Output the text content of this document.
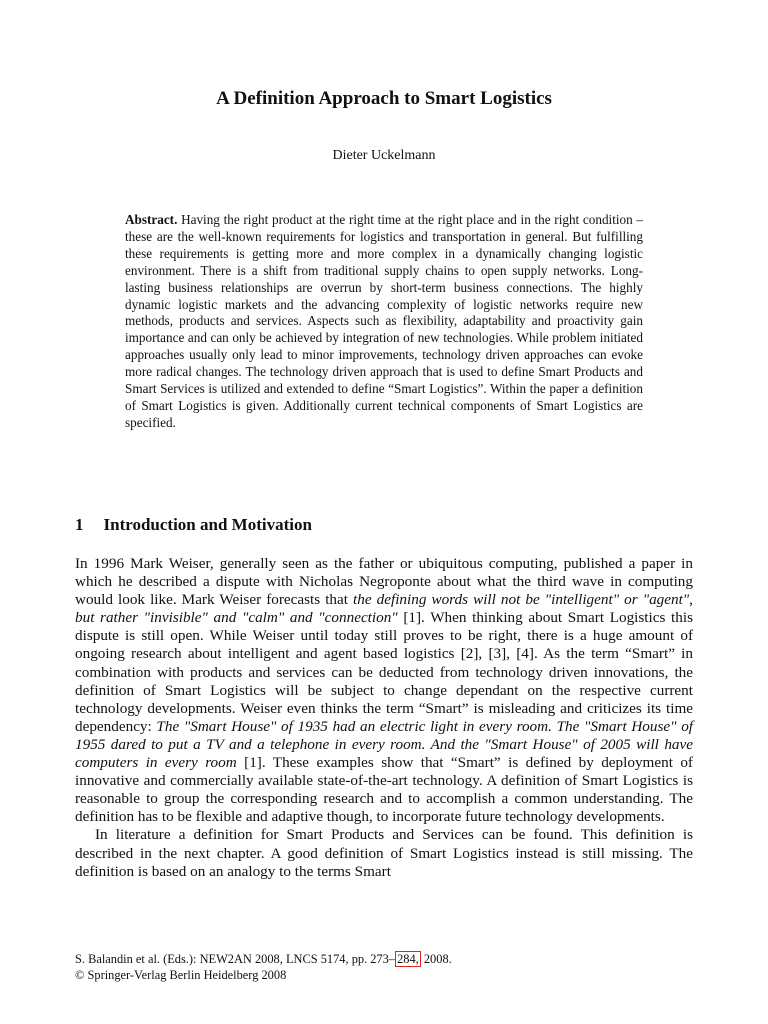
A Definition Approach to Smart Logistics
Dieter Uckelmann

Abstract. Having the right product at the right time at the right place and in the right condition – these are the well-known requirements for logistics and transportation in general. But fulfilling these requirements is getting more and more complex in a dynamically changing logistic environment. There is a shift from traditional supply chains to open supply networks. Long-lasting business relationships are overrun by short-term business connections. The highly dynamic logistic markets and the advancing complexity of logistic networks require new methods, products and services. Aspects such as flexibility, adaptability and proactivity gain importance and can only be achieved by integration of new technologies. While problem initiated approaches usually only lead to minor improvements, technology driven approaches can evoke more radical changes. The technology driven approach that is used to define Smart Products and Smart Services is utilized and extended to define “Smart Logistics”. Within the paper a definition of Smart Logistics is given. Additionally current technical components of Smart Logistics are specified.

1 Introduction and Motivation

In 1996 Mark Weiser, generally seen as the father or ubiquitous computing, published a paper in which he described a dispute with Nicholas Negroponte about what the third wave in computing would look like. Mark Weiser forecasts that the defining words will not be "intelligent" or "agent", but rather "invisible" and "calm" and "connection" [1]. When thinking about Smart Logistics this dispute is still open. While Weiser until today still proves to be right, there is a huge amount of ongoing research about intelligent and agent based logistics [2], [3], [4]. As the term “Smart” in combination with products and services can be deducted from technology driven innovations, the definition of Smart Logistics will be subject to change dependant on the respective current technology developments. Weiser even thinks the term “Smart” is misleading and criticizes its time dependency: The "Smart House" of 1935 had an electric light in every room. The "Smart House" of 1955 dared to put a TV and a telephone in every room. And the "Smart House" of 2005 will have computers in every room [1]. These examples show that “Smart” is defined by deployment of innovative and commercially available state-of-the-art technology. A definition of Smart Logistics is reasonable to group the corresponding research and to accomplish a common understanding. The definition has to be flexible and adaptive though, to incorporate future technology developments.

In literature a definition for Smart Products and Services can be found. This definition is described in the next chapter. A good definition of Smart Logistics instead is still missing. The definition is based on an analogy to the terms Smart

S. Balandin et al. (Eds.): NEW2AN 2008, LNCS 5174, pp. 273– 284, 2008.
© Springer-Verlag Berlin Heidelberg 2008
